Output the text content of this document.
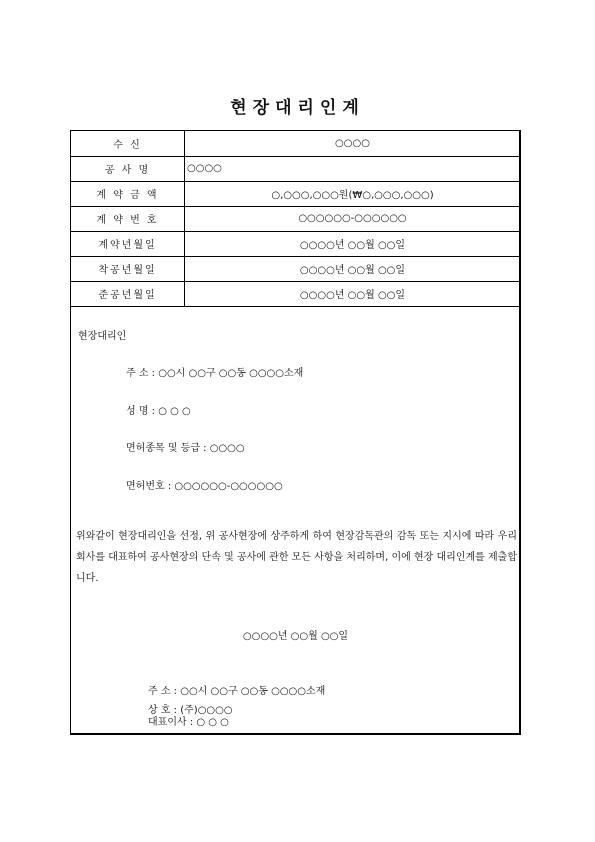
현장대리인계
수 신	○○○○
공 사 명	○○○○
계 약 금 액	○,○○○,○○○원(₩○,○○○,○○○)
계 약 번 호	○○○○○○-○○○○○○
계약년월일	○○○○년 ○○월 ○○일
착공년월일	○○○○년 ○○월 ○○일
준공년월일	○○○○년 ○○월 ○○일
현장대리인
주 소 : ○○시 ○○구 ○○동 ○○○○소재
성 명 : ○ ○ ○
면허종목 및 등급 : ○○○○
면허번호 : ○○○○○○-○○○○○○
위와같이 현장대리인을 선정, 위 공사현장에 상주하게 하여 현장감독관의 감독 또는 지시에 따라 우리회사를 대표하여 공사현장의 단속 및 공사에 관한 모든 사항을 처리하며, 이에 현장 대리인계를 제출합니다.
○○○○년 ○○월 ○○일
주 소 : ○○시 ○○구 ○○동 ○○○○소재
상 호 : (주)○○○○
대표이사 : ○ ○ ○
